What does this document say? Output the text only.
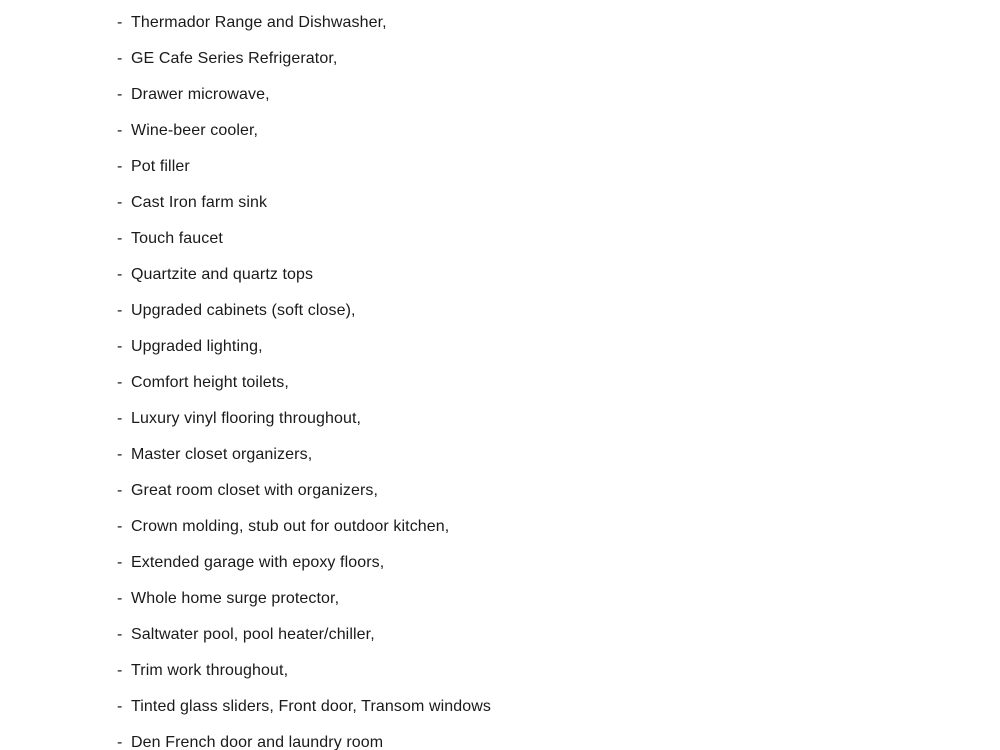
- Thermador Range and Dishwasher,
- GE Cafe Series Refrigerator,
- Drawer microwave,
- Wine-beer cooler,
- Pot filler
- Cast Iron farm sink
- Touch faucet
- Quartzite and quartz tops
- Upgraded cabinets (soft close),
- Upgraded lighting,
- Comfort height toilets,
- Luxury vinyl flooring throughout,
- Master closet organizers,
- Great room closet with organizers,
- Crown molding, stub out for outdoor kitchen,
- Extended garage with epoxy floors,
- Whole home surge protector,
- Saltwater pool, pool heater/chiller,
- Trim work throughout,
- Tinted glass sliders, Front door, Transom windows
- Den French door and laundry room
